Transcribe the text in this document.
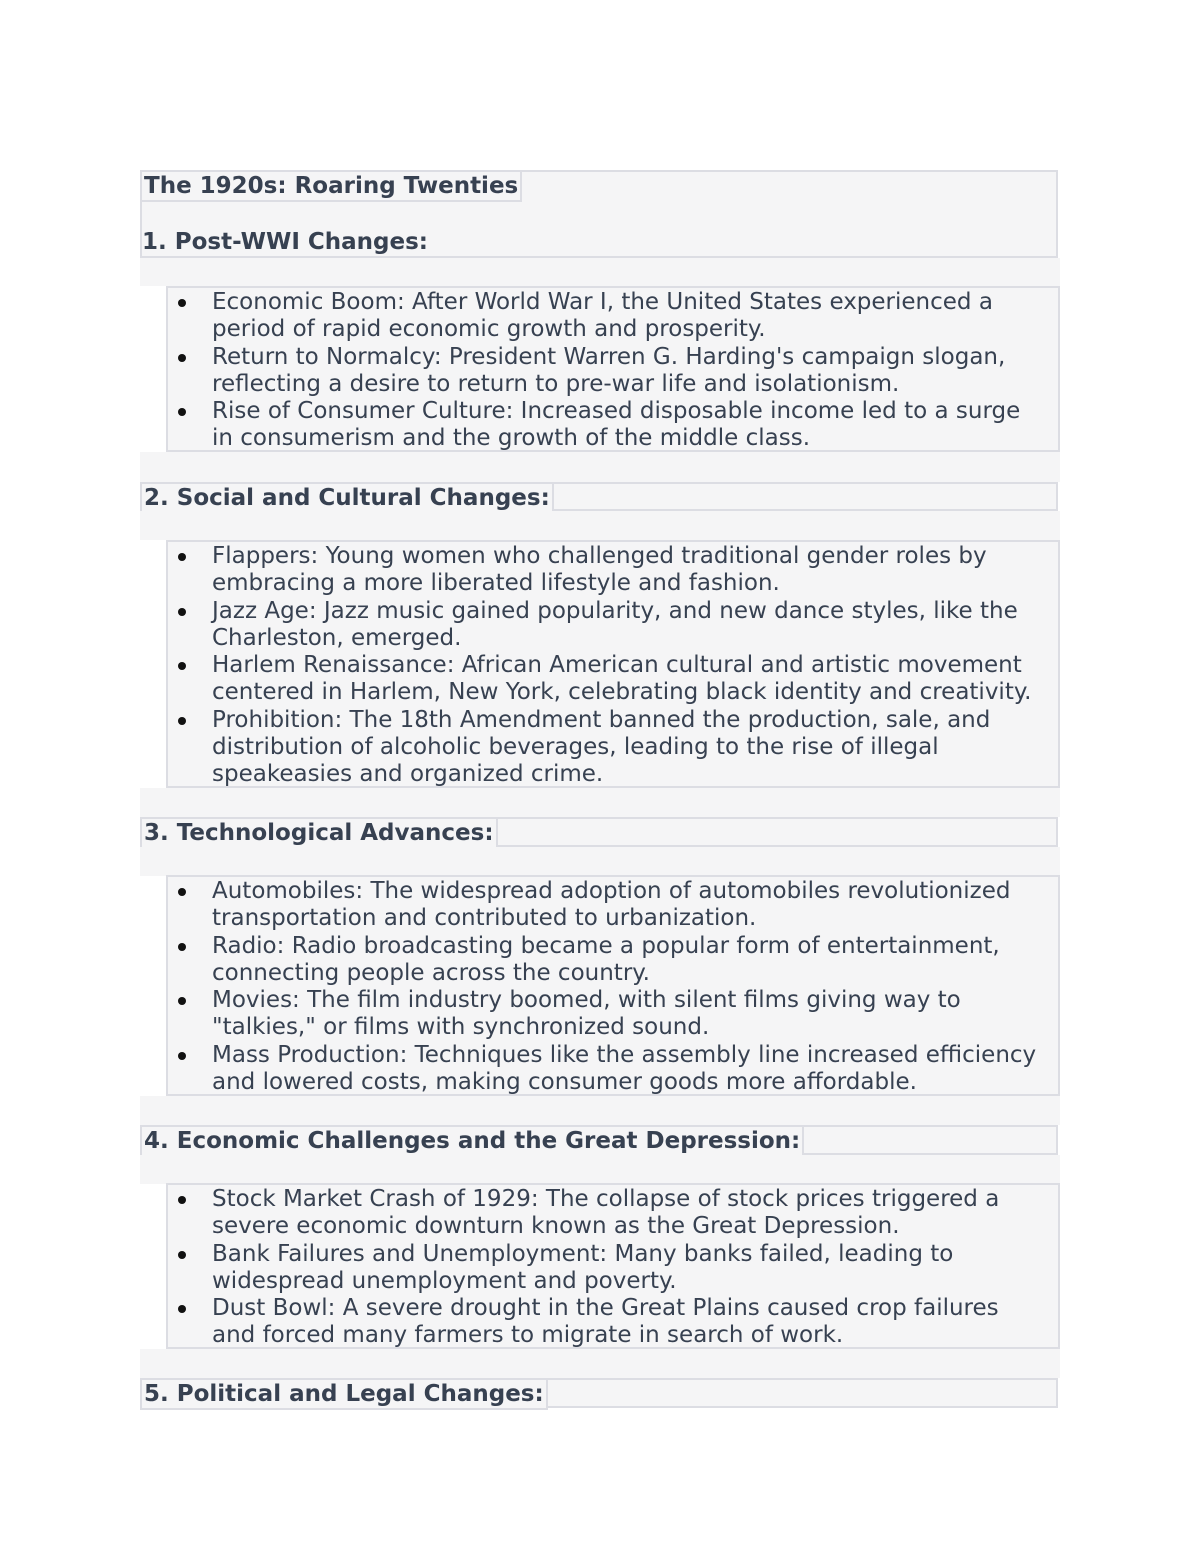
The 1920s: Roaring Twenties
1. Post-WWI Changes:
Economic Boom: After World War I, the United States experienced a
period of rapid economic growth and prosperity.
Return to Normalcy: President Warren G. Harding's campaign slogan,
reflecting a desire to return to pre-war life and isolationism.
Rise of Consumer Culture: Increased disposable income led to a surge
in consumerism and the growth of the middle class.
2. Social and Cultural Changes:
Flappers: Young women who challenged traditional gender roles by
embracing a more liberated lifestyle and fashion.
Jazz Age: Jazz music gained popularity, and new dance styles, like the
Charleston, emerged.
Harlem Renaissance: African American cultural and artistic movement
centered in Harlem, New York, celebrating black identity and creativity.
Prohibition: The 18th Amendment banned the production, sale, and
distribution of alcoholic beverages, leading to the rise of illegal
speakeasies and organized crime.
3. Technological Advances:
Automobiles: The widespread adoption of automobiles revolutionized
transportation and contributed to urbanization.
Radio: Radio broadcasting became a popular form of entertainment,
connecting people across the country.
Movies: The film industry boomed, with silent films giving way to
"talkies," or films with synchronized sound.
Mass Production: Techniques like the assembly line increased efficiency
and lowered costs, making consumer goods more affordable.
4. Economic Challenges and the Great Depression:
Stock Market Crash of 1929: The collapse of stock prices triggered a
severe economic downturn known as the Great Depression.
Bank Failures and Unemployment: Many banks failed, leading to
widespread unemployment and poverty.
Dust Bowl: A severe drought in the Great Plains caused crop failures
and forced many farmers to migrate in search of work.
5. Political and Legal Changes:
